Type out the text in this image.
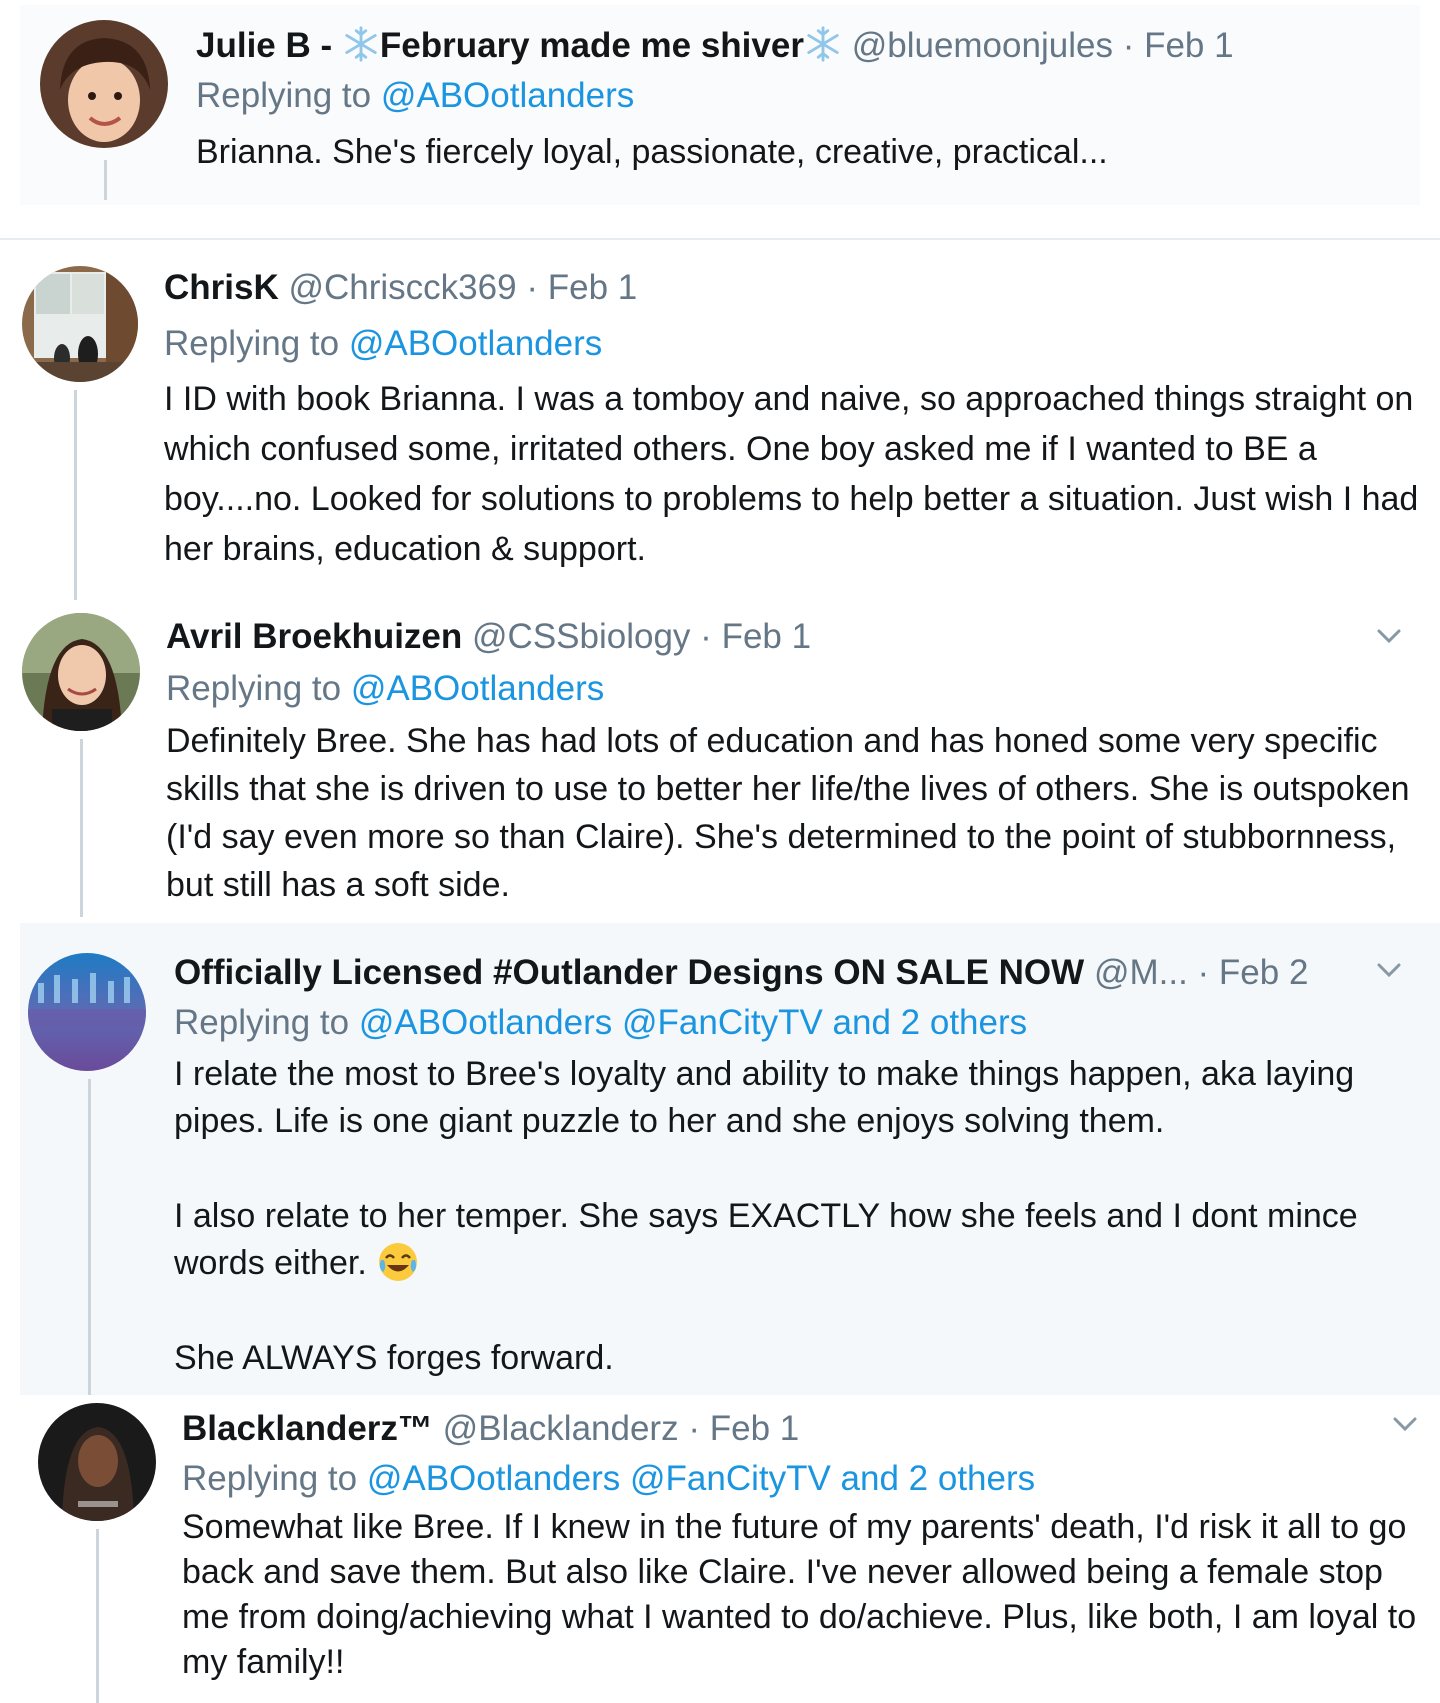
Julie B - February made me shiver @bluemoonjules · Feb 1
Replying to @ABOotlanders

Brianna. She's fiercely loyal, passionate, creative, practical...

ChrisK @Chriscck369 · Feb 1
Replying to @ABOotlanders

I ID with book Brianna. I was a tomboy and naive, so approached things straight on which confused some, irritated others. One boy asked me if I wanted to BE a boy....no. Looked for solutions to problems to help better a situation. Just wish I had her brains, education & support.

Avril Broekhuizen @CSSbiology · Feb 1
Replying to @ABOotlanders

Definitely Bree. She has had lots of education and has honed some very specific skills that she is driven to use to better her life/the lives of others. She is outspoken (I'd say even more so than Claire). She's determined to the point of stubbornness, but still has a soft side.

Officially Licensed #Outlander Designs ON SALE NOW @M... · Feb 2
Replying to @ABOotlanders @FanCityTV and 2 others

I relate the most to Bree's loyalty and ability to make things happen, aka laying pipes. Life is one giant puzzle to her and she enjoys solving them.

I also relate to her temper. She says EXACTLY how she feels and I dont mince words either.

She ALWAYS forges forward.

Blacklanderz™ @Blacklanderz · Feb 1
Replying to @ABOotlanders @FanCityTV and 2 others

Somewhat like Bree. If I knew in the future of my parents' death, I'd risk it all to go back and save them. But also like Claire. I've never allowed being a female stop me from doing/achieving what I wanted to do/achieve. Plus, like both, I am loyal to my family!!
